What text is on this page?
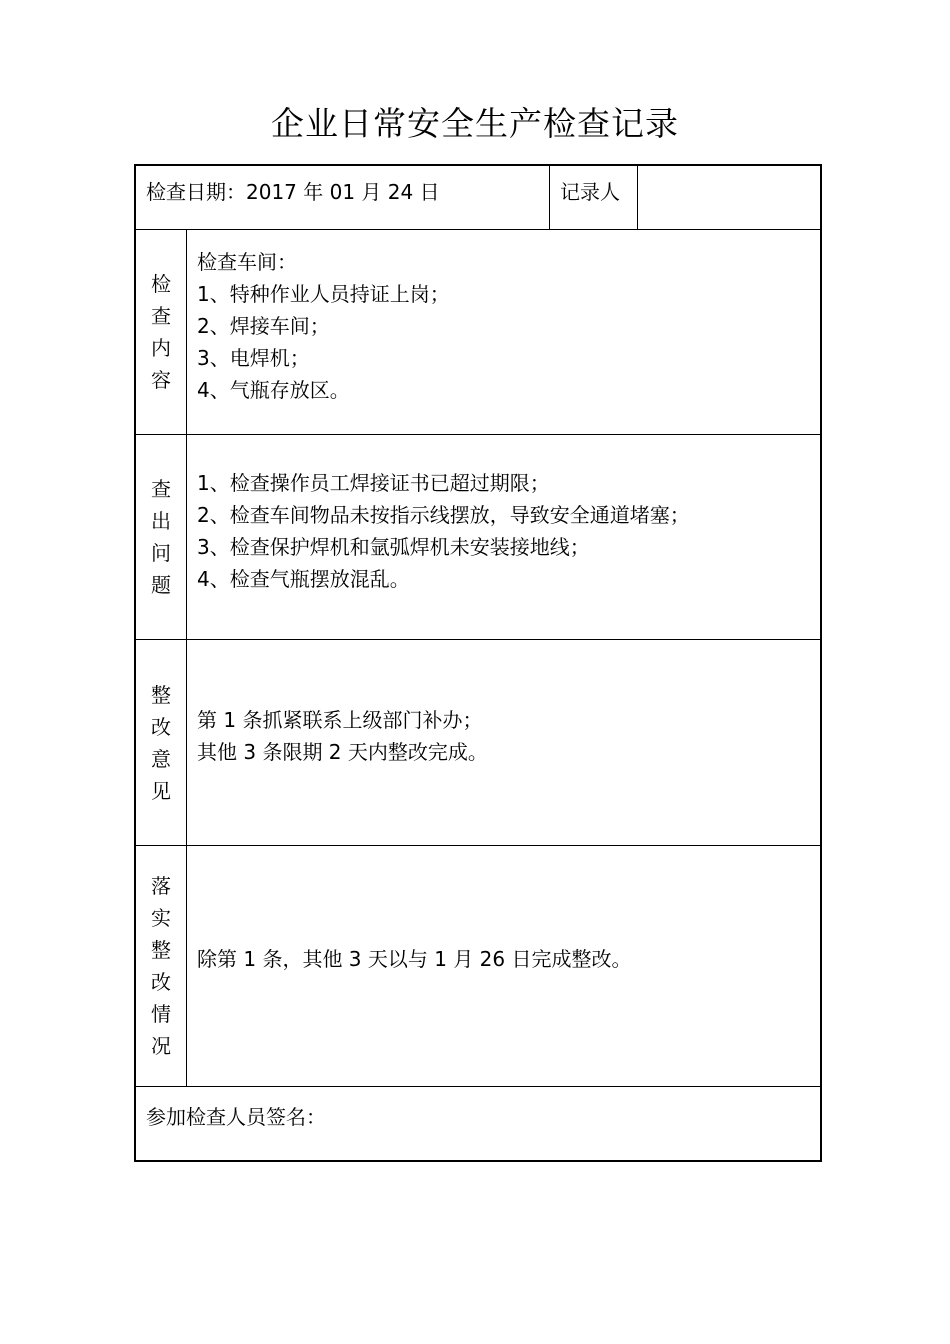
企业日常安全生产检查记录
检查日期：2017 年 01 月 24 日	记录人
检查内容
检查车间：
1、特种作业人员持证上岗；
2、焊接车间；
3、电焊机；
4、气瓶存放区。
查出问题
1、检查操作员工焊接证书已超过期限；
2、检查车间物品未按指示线摆放，导致安全通道堵塞；
3、检查保护焊机和氩弧焊机未安装接地线；
4、检查气瓶摆放混乱。
整改意见
第 1 条抓紧联系上级部门补办；
其他 3 条限期 2 天内整改完成。
落实整改情况
除第 1 条，其他 3 天以与 1 月 26 日完成整改。
参加检查人员签名：
